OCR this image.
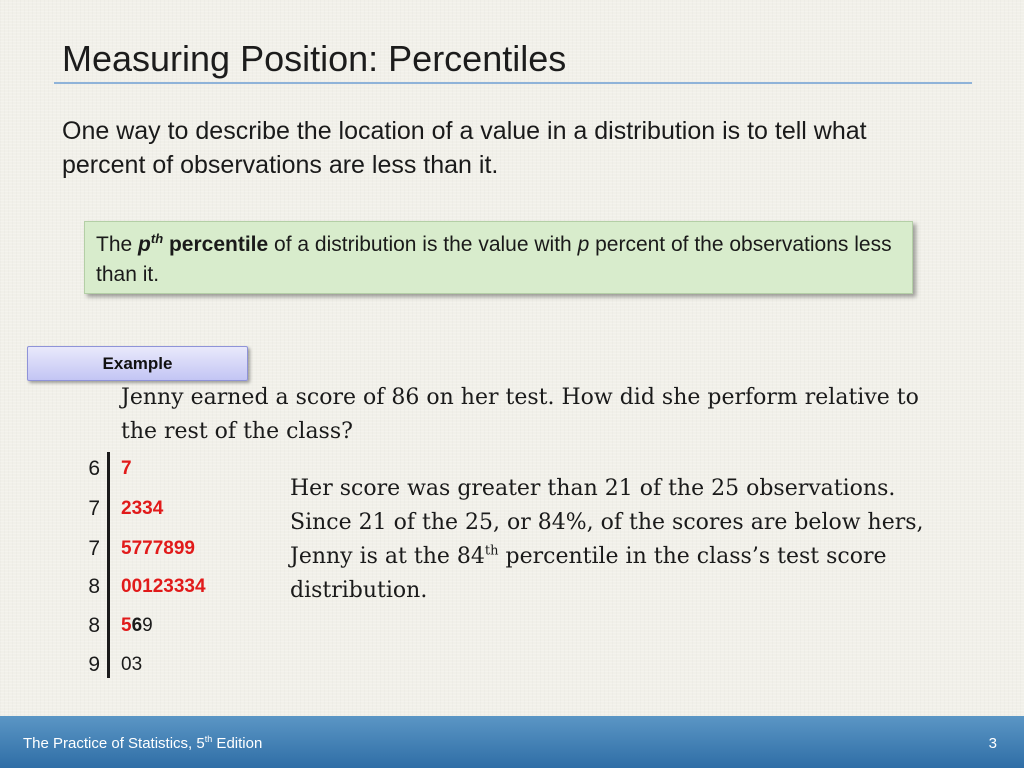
Measuring Position: Percentiles
One way to describe the location of a value in a distribution is to tell what percent of observations are less than it.
The $p^{th}$ percentile of a distribution is the value with p percent of the observations less than it.
Example
Jenny earned a score of 86 on her test. How did she perform relative to the rest of the class?
6 7
7 2334
7 5777899
8 00123334
8 569
9 03
Her score was greater than 21 of the 25 observations. Since 21 of the 25, or 84%, of the scores are below hers, Jenny is at the 84th percentile in the class’s test score distribution.
The Practice of Statistics, 5th Edition	3
